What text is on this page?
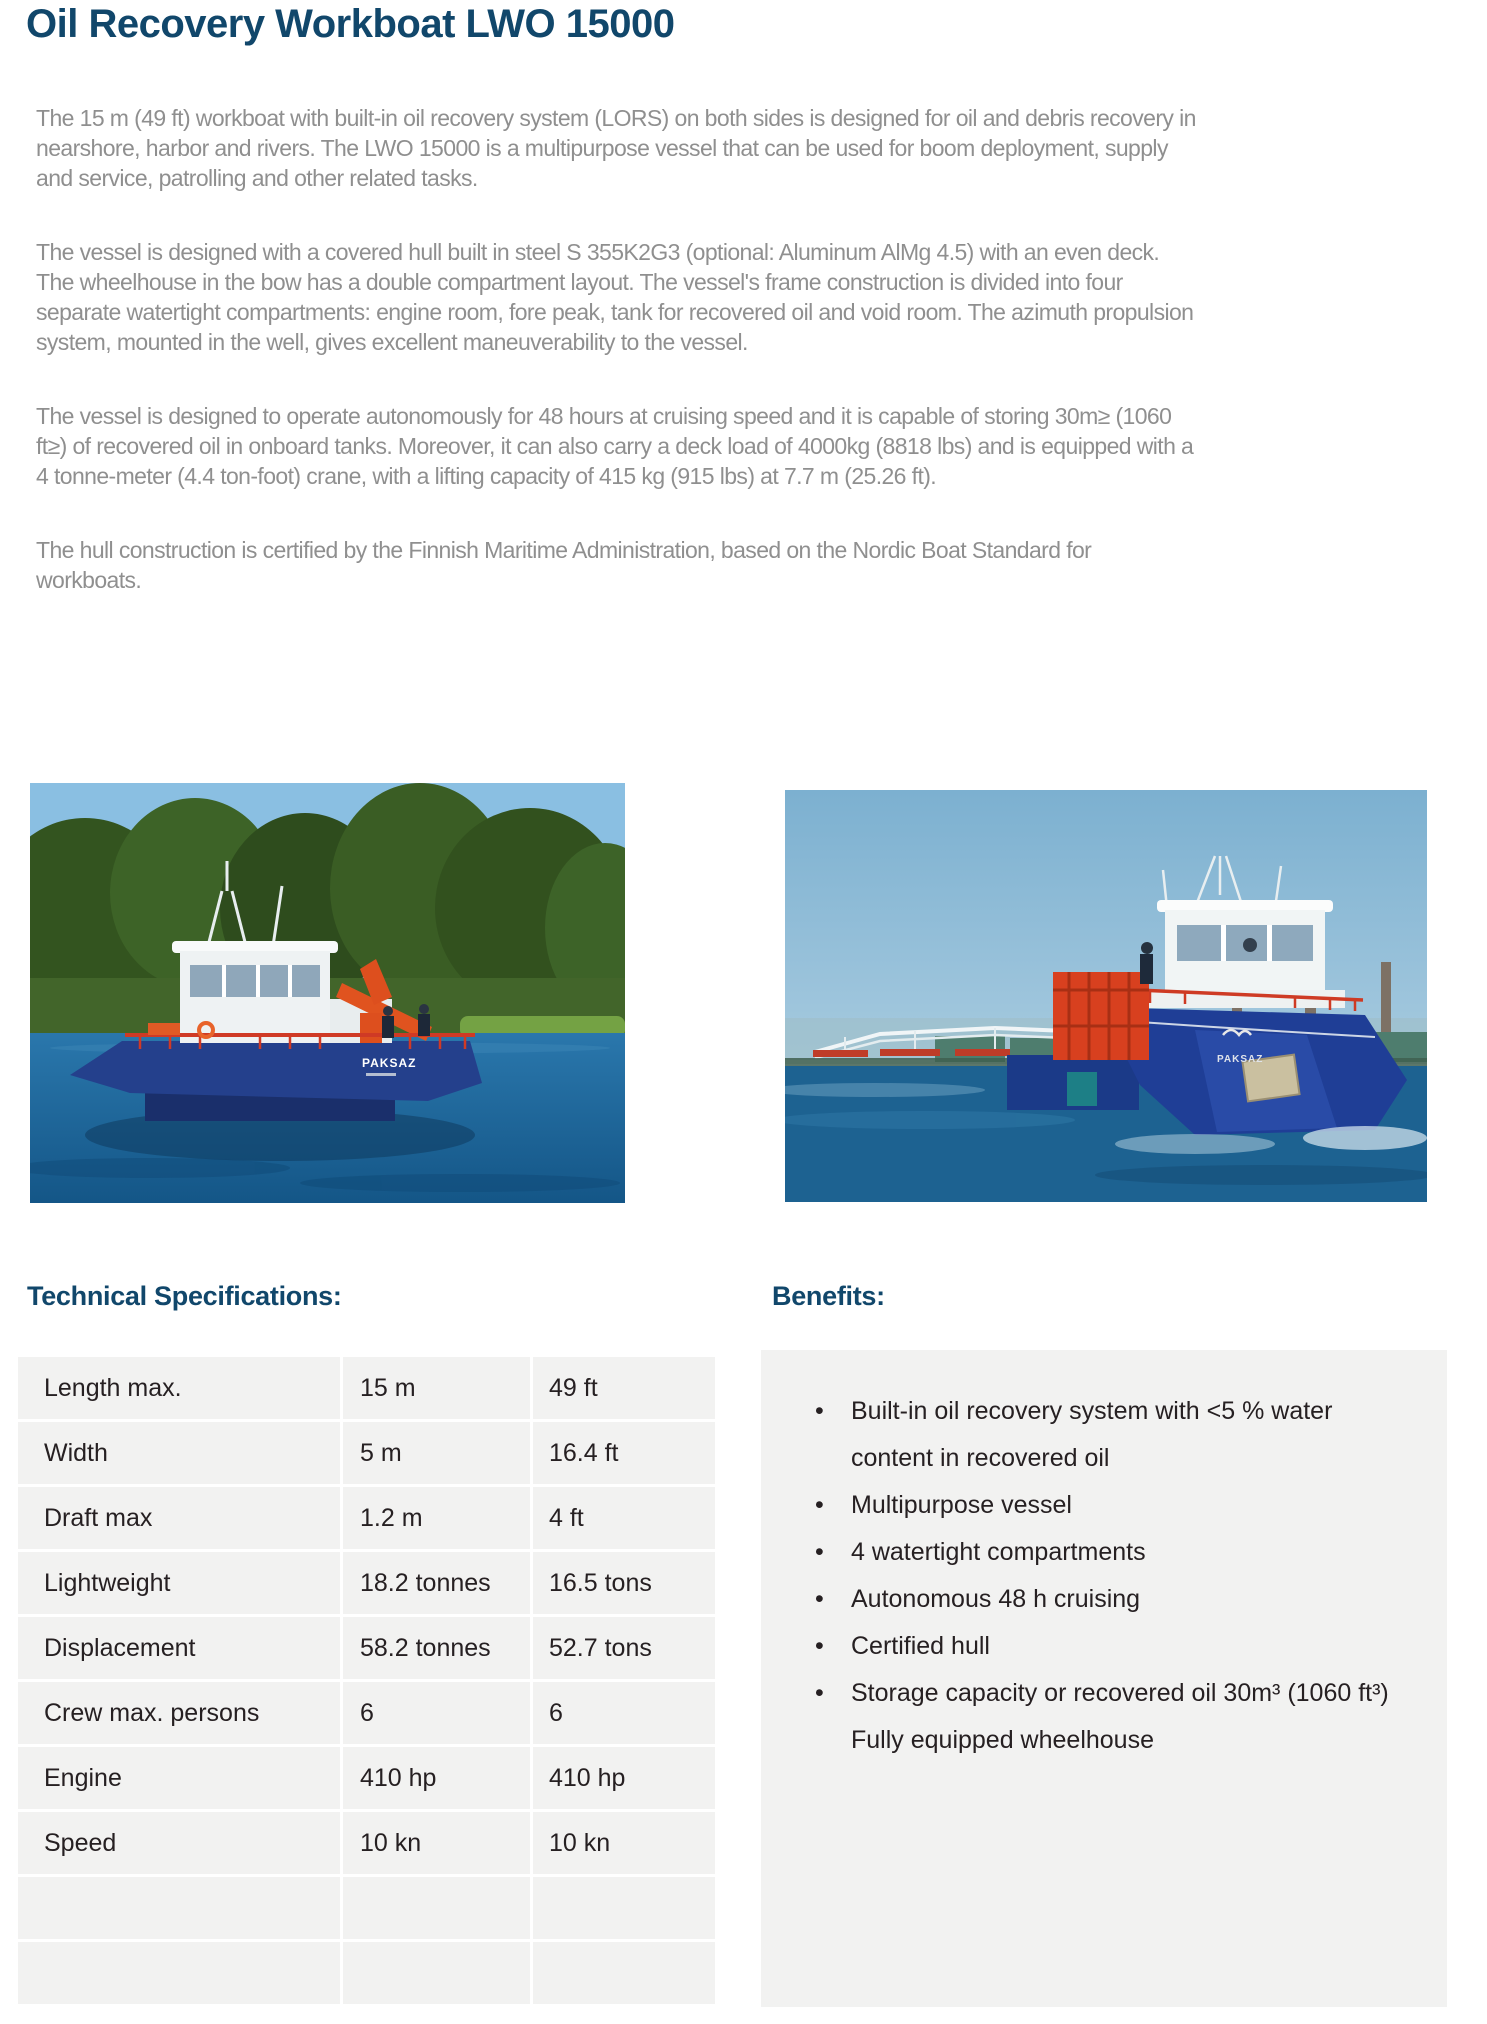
Oil Recovery Workboat LWO 15000

The 15 m (49 ft) workboat with built-in oil recovery system (LORS) on both sides is designed for oil and debris recovery in nearshore, harbor and rivers. The LWO 15000 is a multipurpose vessel that can be used for boom deployment, supply and service, patrolling and other related tasks.

The vessel is designed with a covered hull built in steel S 355K2G3 (optional: Aluminum AlMg 4.5) with an even deck. The wheelhouse in the bow has a double compartment layout. The vessel's frame construction is divided into four separate watertight compartments: engine room, fore peak, tank for recovered oil and void room. The azimuth propulsion system, mounted in the well, gives excellent maneuverability to the vessel.

The vessel is designed to operate autonomously for 48 hours at cruising speed and it is capable of storing 30m≥ (1060 ft≥) of recovered oil in onboard tanks. Moreover, it can also carry a deck load of 4000kg (8818 lbs) and is equipped with a 4 tonne-meter (4.4 ton-foot) crane, with a lifting capacity of 415 kg (915 lbs) at 7.7 m (25.26 ft).

The hull construction is certified by the Finnish Maritime Administration, based on the Nordic Boat Standard for workboats.

PAKSAZ	PAKSAZ
Technical Specifications:	Benefits:
Length max.	15 m	49 ft
Width	5 m	16.4 ft
Draft max	1.2 m	4 ft
Lightweight	18.2 tonnes	16.5 tons
Displacement	58.2 tonnes	52.7 tons
Crew max. persons	6	6
Engine	410 hp	410 hp
Speed	10 kn	10 kn
•	Built-in oil recovery system with <5 % water content in recovered oil
•	Multipurpose vessel
•	4 watertight compartments
•	Autonomous 48 h cruising
•	Certified hull
•	Storage capacity or recovered oil 30m³ (1060 ft³)
Fully equipped wheelhouse
